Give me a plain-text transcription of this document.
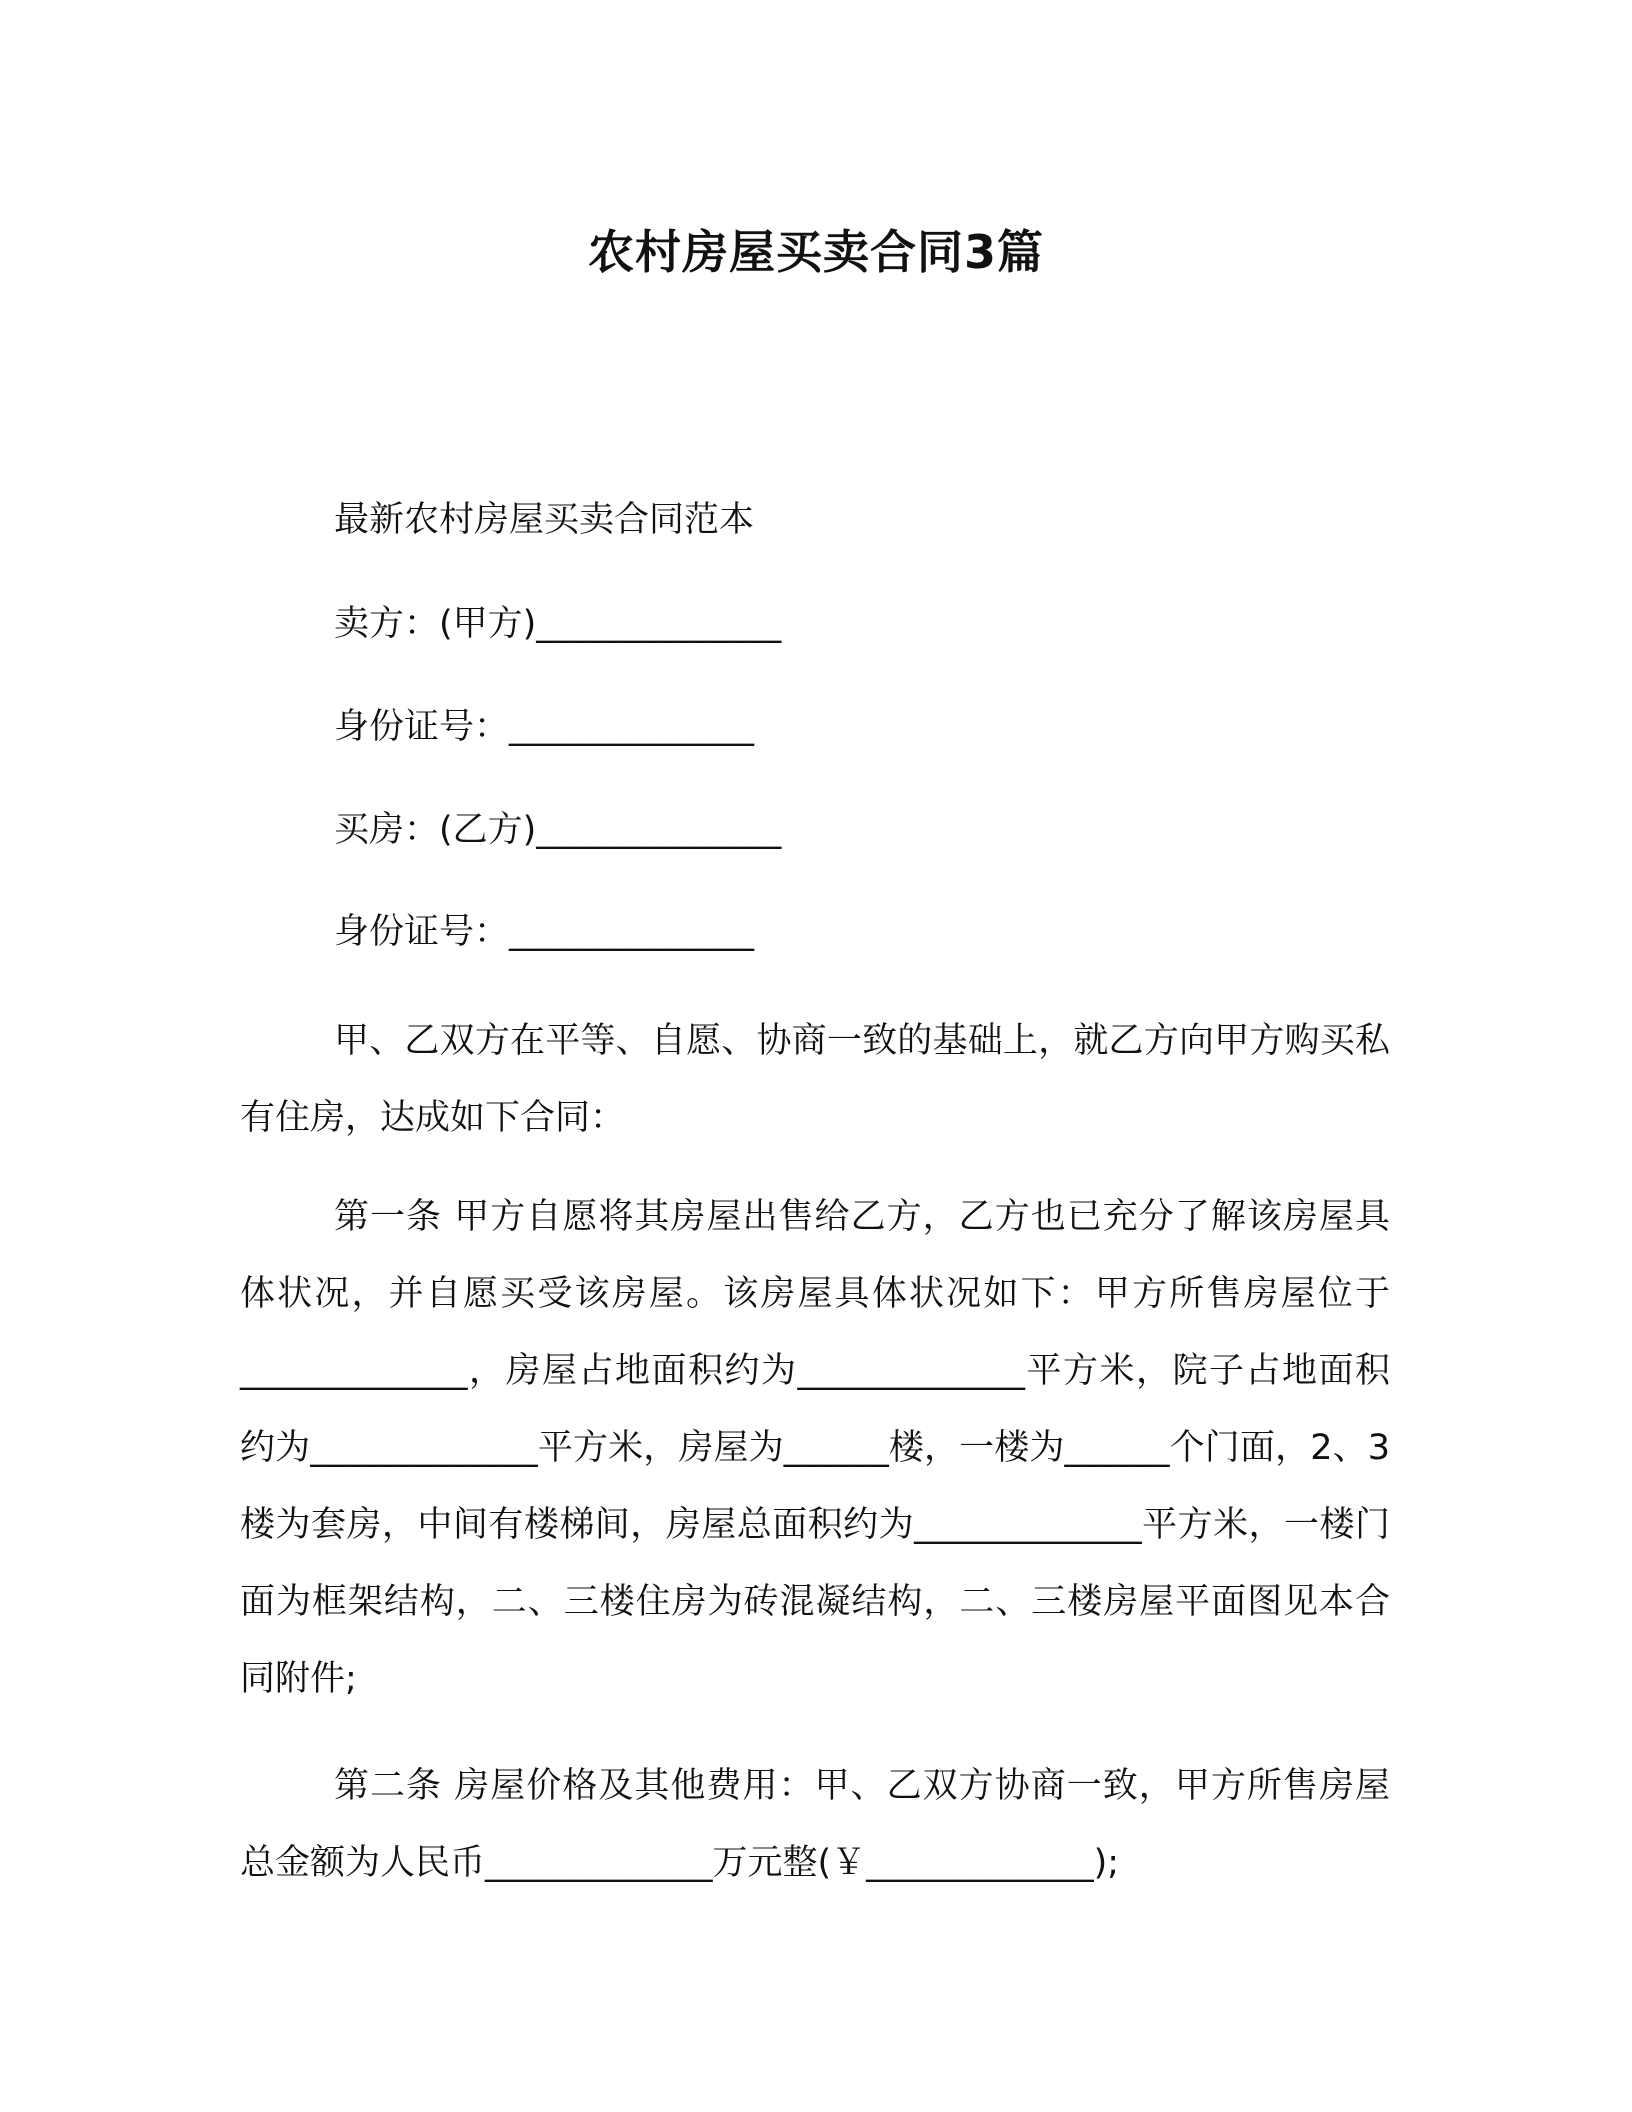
农村房屋买卖合同3篇
最新农村房屋买卖合同范本
卖方：(甲方)______________
身份证号：______________
买房：(乙方)______________
身份证号：______________
甲、乙双方在平等、自愿、协商一致的基础上，就乙方向甲方购买私有住房，达成如下合同：
第一条 甲方自愿将其房屋出售给乙方，乙方也已充分了解该房屋具体状况，并自愿买受该房屋。该房屋具体状况如下：甲方所售房屋位于_____________，房屋占地面积约为_____________平方米，院子占地面积约为_____________平方米，房屋为______楼，一楼为______个门面，2、3 楼为套房，中间有楼梯间，房屋总面积约为_____________平方米，一楼门面为框架结构，二、三楼住房为砖混凝结构，二、三楼房屋平面图见本合同附件;
第二条 房屋价格及其他费用：甲、乙双方协商一致，甲方所售房屋总金额为人民币_____________万元整(￥_____________);
